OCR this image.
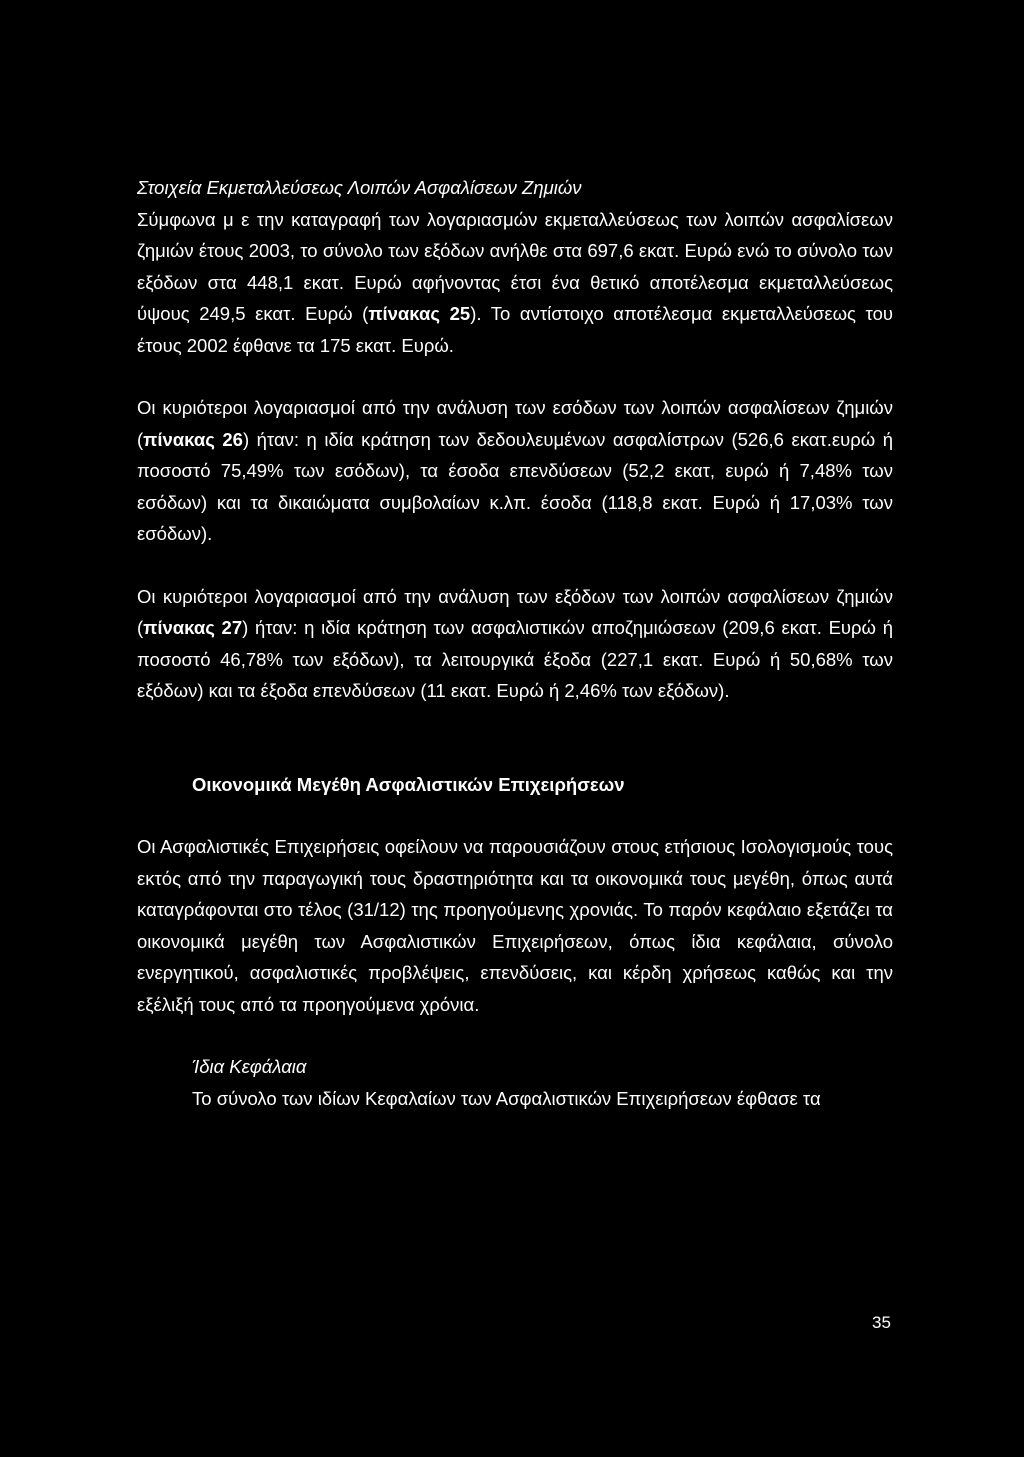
Στοιχεία Εκμεταλλεύσεως Λοιπών Ασφαλίσεων Ζημιών
Σύμφωνα μ ε την καταγραφή των λογαριασμών εκμεταλλεύσεως των λοιπών ασφαλίσεων ζημιών έτους 2003, το σύνολο των εξόδων ανήλθε στα 697,6 εκατ. Ευρώ ενώ το σύνολο των εξόδων στα 448,1 εκατ. Ευρώ αφήνοντας έτσι ένα θετικό αποτέλεσμα εκμεταλλεύσεως ύψους 249,5 εκατ. Ευρώ (πίνακας 25). Το αντίστοιχο αποτέλεσμα εκμεταλλεύσεως του έτους 2002 έφθανε τα 175 εκατ. Ευρώ.
Οι κυριότεροι λογαριασμοί από την ανάλυση των εσόδων των λοιπών ασφαλίσεων ζημιών (πίνακας 26) ήταν: η ιδία κράτηση των δεδουλευμένων ασφαλίστρων (526,6 εκατ.ευρώ ή ποσοστό 75,49% των εσόδων), τα έσοδα επενδύσεων (52,2 εκατ, ευρώ ή 7,48% των εσόδων) και τα δικαιώματα συμβολαίων κ.λπ. έσοδα (118,8 εκατ. Ευρώ ή 17,03% των εσόδων).
Οι κυριότεροι λογαριασμοί από την ανάλυση των εξόδων των λοιπών ασφαλίσεων ζημιών (πίνακας 27) ήταν: η ιδία κράτηση των ασφαλιστικών αποζημιώσεων (209,6 εκατ. Ευρώ ή ποσοστό 46,78% των εξόδων), τα λειτουργικά έξοδα (227,1 εκατ. Ευρώ ή 50,68% των εξόδων) και τα έξοδα επενδύσεων (11 εκατ. Ευρώ ή 2,46% των εξόδων).
Οικονομικά Μεγέθη Ασφαλιστικών Επιχειρήσεων
Οι Ασφαλιστικές Επιχειρήσεις οφείλουν να παρουσιάζουν στους ετήσιους Ισολογισμούς τους εκτός από την παραγωγική τους δραστηριότητα και τα οικονομικά τους μεγέθη, όπως αυτά καταγράφονται στο τέλος (31/12) της προηγούμενης χρονιάς. Το παρόν κεφάλαιο εξετάζει τα οικονομικά μεγέθη των Ασφαλιστικών Επιχειρήσεων, όπως ίδια κεφάλαια, σύνολο ενεργητικού, ασφαλιστικές προβλέψεις, επενδύσεις, και κέρδη χρήσεως καθώς και την εξέλιξή τους από τα προηγούμενα χρόνια.
Ίδια Κεφάλαια
Το σύνολο των ιδίων Κεφαλαίων των Ασφαλιστικών Επιχειρήσεων έφθασε τα
35
